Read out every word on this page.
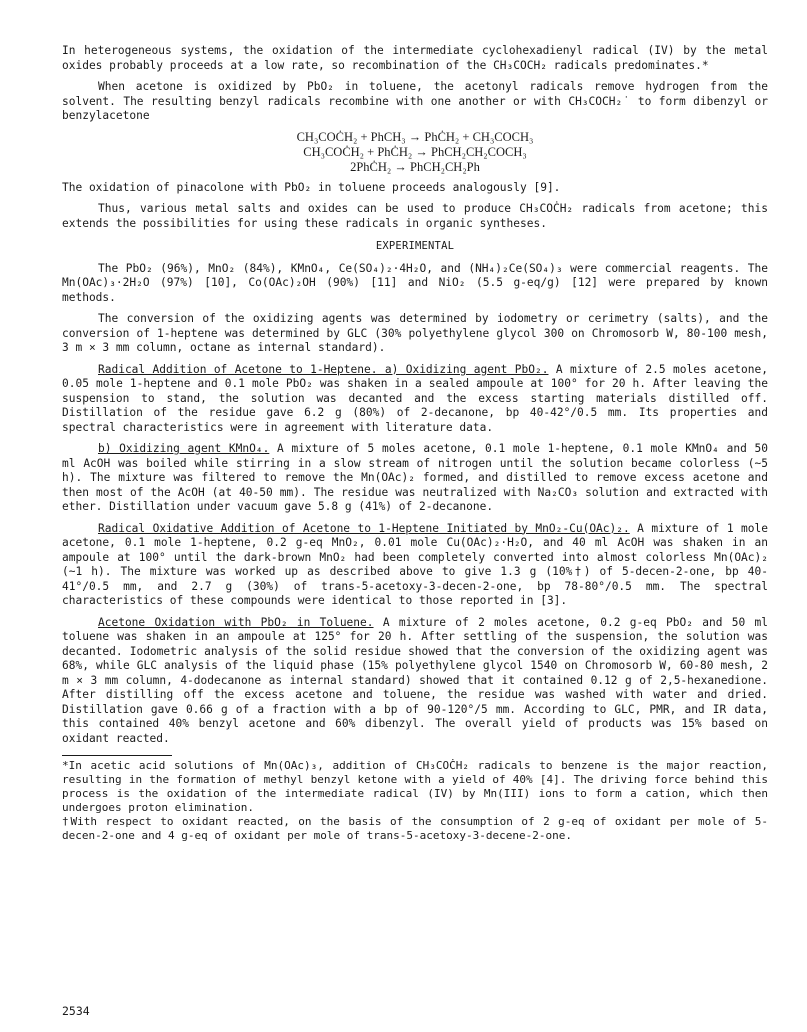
In heterogeneous systems, the oxidation of the intermediate cyclohexadienyl radical (IV) by the metal oxides probably proceeds at a low rate, so recombination of the CH₃COCH₂ radicals predominates.*

When acetone is oxidized by PbO₂ in toluene, the acetonyl radicals remove hydrogen from the solvent. The resulting benzyl radicals recombine with one another or with CH₃COCH₂˙ to form dibenzyl or benzylacetone

CH₃COĊH₂ + PhCH₃ → PhĊH₂ + CH₃COCH₃
CH₃COĊH₂ + PhĊH₂ → PhCH₂CH₂COCH₃
2PhĊH₂ → PhCH₂CH₂Ph

The oxidation of pinacolone with PbO₂ in toluene proceeds analogously [9].

Thus, various metal salts and oxides can be used to produce CH₃COĊH₂ radicals from acetone; this extends the possibilities for using these radicals in organic syntheses.

EXPERIMENTAL

The PbO₂ (96%), MnO₂ (84%), KMnO₄, Ce(SO₄)₂·4H₂O, and (NH₄)₂Ce(SO₄)₃ were commercial reagents. The Mn(OAc)₃·2H₂O (97%) [10], Co(OAc)₂OH (90%) [11] and NiO₂ (5.5 g-eq/g) [12] were prepared by known methods.

The conversion of the oxidizing agents was determined by iodometry or cerimetry (salts), and the conversion of 1-heptene was determined by GLC (30% polyethylene glycol 300 on Chromosorb W, 80-100 mesh, 3 m × 3 mm column, octane as internal standard).

Radical Addition of Acetone to 1-Heptene. a) Oxidizing agent PbO₂. A mixture of 2.5 moles acetone, 0.05 mole 1-heptene and 0.1 mole PbO₂ was shaken in a sealed ampoule at 100° for 20 h. After leaving the suspension to stand, the solution was decanted and the excess starting materials distilled off. Distillation of the residue gave 6.2 g (80%) of 2-decanone, bp 40-42°/0.5 mm. Its properties and spectral characteristics were in agreement with literature data.

b) Oxidizing agent KMnO₄. A mixture of 5 moles acetone, 0.1 mole 1-heptene, 0.1 mole KMnO₄ and 50 ml AcOH was boiled while stirring in a slow stream of nitrogen until the solution became colorless (~5 h). The mixture was filtered to remove the Mn(OAc)₂ formed, and distilled to remove excess acetone and then most of the AcOH (at 40-50 mm). The residue was neutralized with Na₂CO₃ solution and extracted with ether. Distillation under vacuum gave 5.8 g (41%) of 2-decanone.

Radical Oxidative Addition of Acetone to 1-Heptene Initiated by MnO₂-Cu(OAc)₂. A mixture of 1 mole acetone, 0.1 mole 1-heptene, 0.2 g-eq MnO₂, 0.01 mole Cu(OAc)₂·H₂O, and 40 ml AcOH was shaken in an ampoule at 100° until the dark-brown MnO₂ had been completely converted into almost colorless Mn(OAc)₂ (~1 h). The mixture was worked up as described above to give 1.3 g (10%†) of 5-decen-2-one, bp 40-41°/0.5 mm, and 2.7 g (30%) of trans-5-acetoxy-3-decen-2-one, bp 78-80°/0.5 mm. The spectral characteristics of these compounds were identical to those reported in [3].

Acetone Oxidation with PbO₂ in Toluene. A mixture of 2 moles acetone, 0.2 g-eq PbO₂ and 50 ml toluene was shaken in an ampoule at 125° for 20 h. After settling of the suspension, the solution was decanted. Iodometric analysis of the solid residue showed that the conversion of the oxidizing agent was 68%, while GLC analysis of the liquid phase (15% polyethylene glycol 1540 on Chromosorb W, 60-80 mesh, 2 m × 3 mm column, 4-dodecanone as internal standard) showed that it contained 0.12 g of 2,5-hexanedione. After distilling off the excess acetone and toluene, the residue was washed with water and dried. Distillation gave 0.66 g of a fraction with a bp of 90-120°/5 mm. According to GLC, PMR, and IR data, this contained 40% benzyl acetone and 60% dibenzyl. The overall yield of products was 15% based on oxidant reacted.

*In acetic acid solutions of Mn(OAc)₃, addition of CH₃COĊH₂ radicals to benzene is the major reaction, resulting in the formation of methyl benzyl ketone with a yield of 40% [4]. The driving force behind this process is the oxidation of the intermediate radical (IV) by Mn(III) ions to form a cation, which then undergoes proton elimination.

†With respect to oxidant reacted, on the basis of the consumption of 2 g-eq of oxidant per mole of 5-decen-2-one and 4 g-eq of oxidant per mole of trans-5-acetoxy-3-decene-2-one.

2534
